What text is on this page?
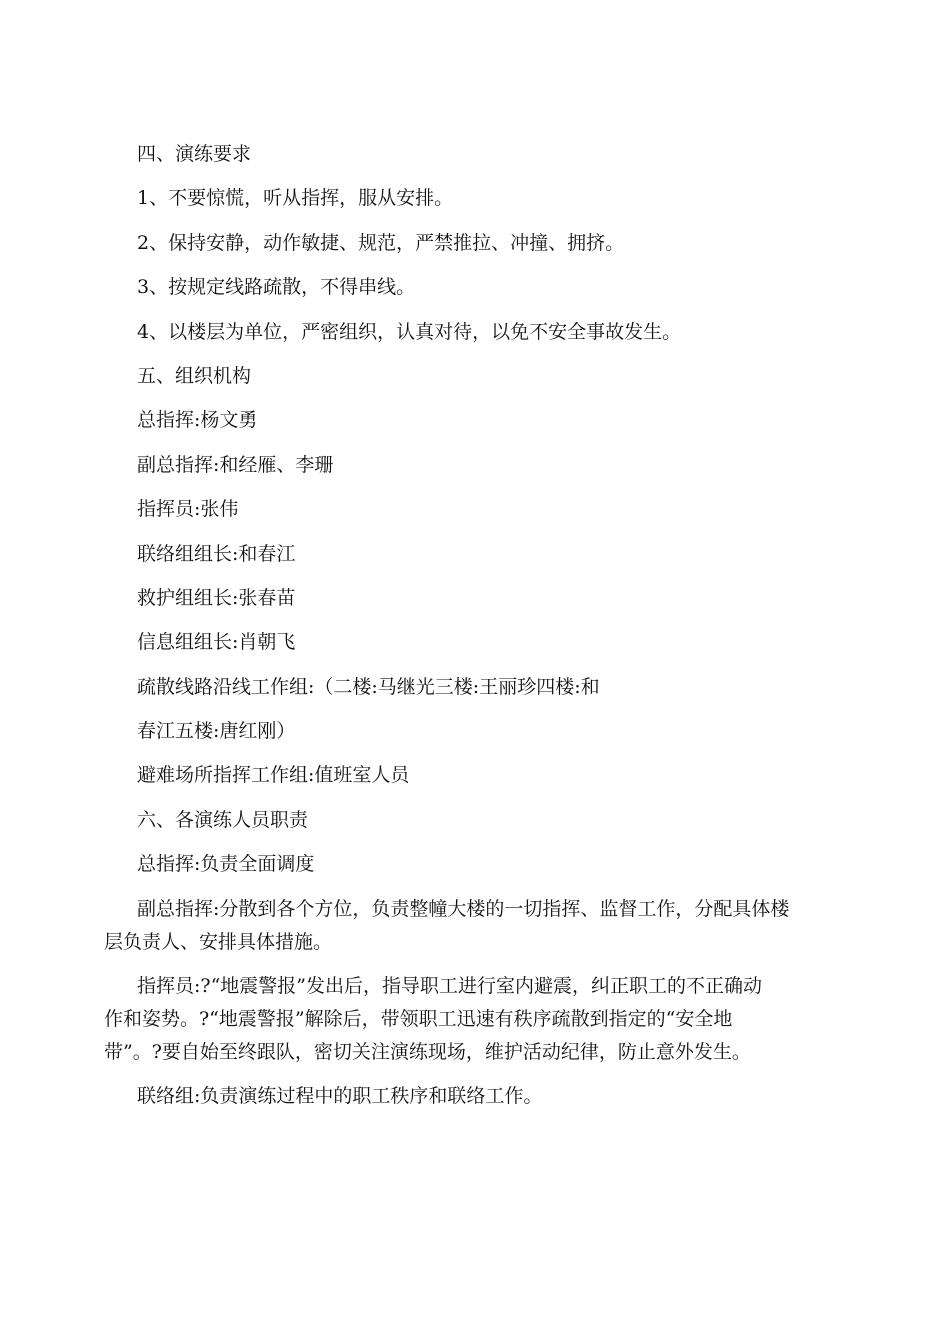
四、演练要求
1、不要惊慌，听从指挥，服从安排。
2、保持安静，动作敏捷、规范，严禁推拉、冲撞、拥挤。
3、按规定线路疏散，不得串线。
4、以楼层为单位，严密组织，认真对待，以免不安全事故发生。
五、组织机构
总指挥:杨文勇
副总指挥:和经雁、李珊
指挥员:张伟
联络组组长:和春江
救护组组长:张春苗
信息组组长:肖朝飞
疏散线路沿线工作组:（二楼:马继光三楼:王丽珍四楼:和
春江五楼:唐红刚）
避难场所指挥工作组:值班室人员
六、各演练人员职责
总指挥:负责全面调度
副总指挥:分散到各个方位，负责整幢大楼的一切指挥、监督工作，分配具体楼
层负责人、安排具体措施。
指挥员:?“地震警报”发出后，指导职工进行室内避震，纠正职工的不正确动
作和姿势。?“地震警报”解除后，带领职工迅速有秩序疏散到指定的“安全地
带”。?要自始至终跟队，密切关注演练现场，维护活动纪律，防止意外发生。
联络组:负责演练过程中的职工秩序和联络工作。
